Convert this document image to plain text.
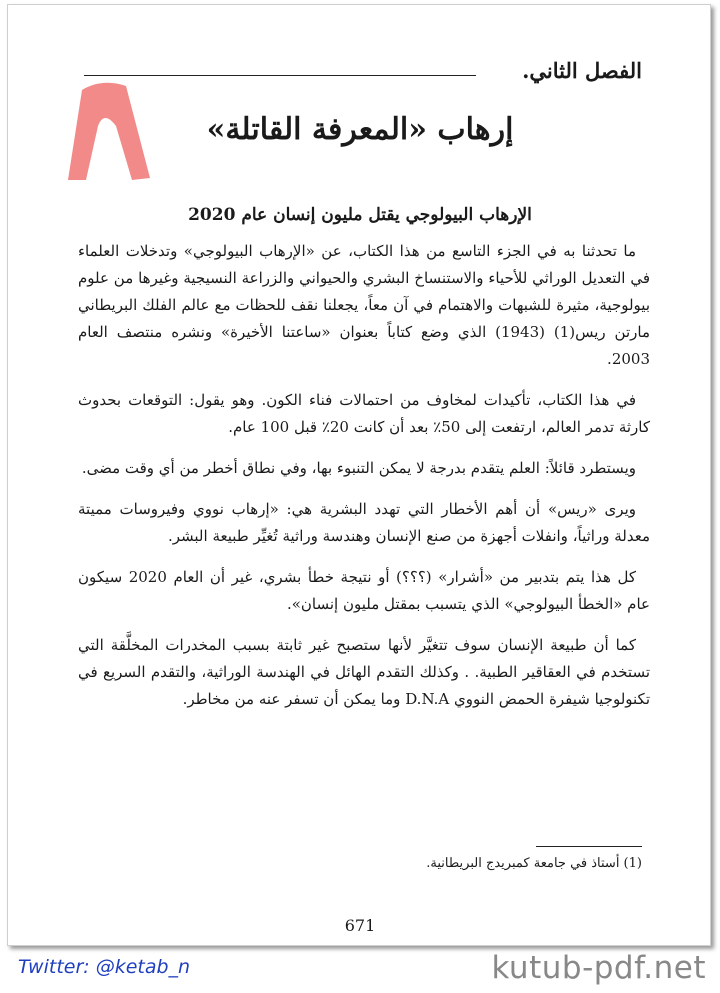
الفصل الثاني.
إرهاب «المعرفة القاتلة»
الإرهاب البيولوجي يقتل مليون إنسان عام 2020

ما تحدثنا به في الجزء التاسع من هذا الكتاب، عن «الإرهاب البيولوجي» وتدخلات العلماء في التعديل الوراثي للأحياء والاستنساخ البشري والحيواني والزراعة النسيجية وغيرها من علوم بيولوجية، مثيرة للشبهات والاهتمام في آن معاً، يجعلنا نقف للحظات مع عالم الفلك البريطاني مارتن ريس(1) (1943) الذي وضع كتاباً بعنوان «ساعتنا الأخيرة» ونشره منتصف العام 2003.

في هذا الكتاب، تأكيدات لمخاوف من احتمالات فناء الكون. وهو يقول: التوقعات بحدوث كارثة تدمر العالم، ارتفعت إلى 50٪ بعد أن كانت 20٪ قبل 100 عام.

ويستطرد قائلاً: العلم يتقدم بدرجة لا يمكن التنبوء بها، وفي نطاق أخطر من أي وقت مضى.

ويرى «ريس» أن أهم الأخطار التي تهدد البشرية هي: «إرهاب نووي وفيروسات مميتة معدلة وراثياً، وانفلات أجهزة من صنع الإنسان وهندسة وراثية تُغيِّر طبيعة البشر.

كل هذا يتم بتدبير من «أشرار» (؟؟؟) أو نتيجة خطأ بشري، غير أن العام 2020 سيكون عام «الخطأ البيولوجي» الذي يتسبب بمقتل مليون إنسان».

كما أن طبيعة الإنسان سوف تتغيَّر لأنها ستصبح غير ثابتة بسبب المخدرات المخلَّقة التي تستخدم في العقاقير الطبية. . وكذلك التقدم الهائل في الهندسة الوراثية، والتقدم السريع في تكنولوجيا شيفرة الحمض النووي D.N.A وما يمكن أن تسفر عنه من مخاطر.

(1) أستاذ في جامعة كمبريدج البريطانية.

671

Twitter: @ketab_n	kutub-pdf.net
